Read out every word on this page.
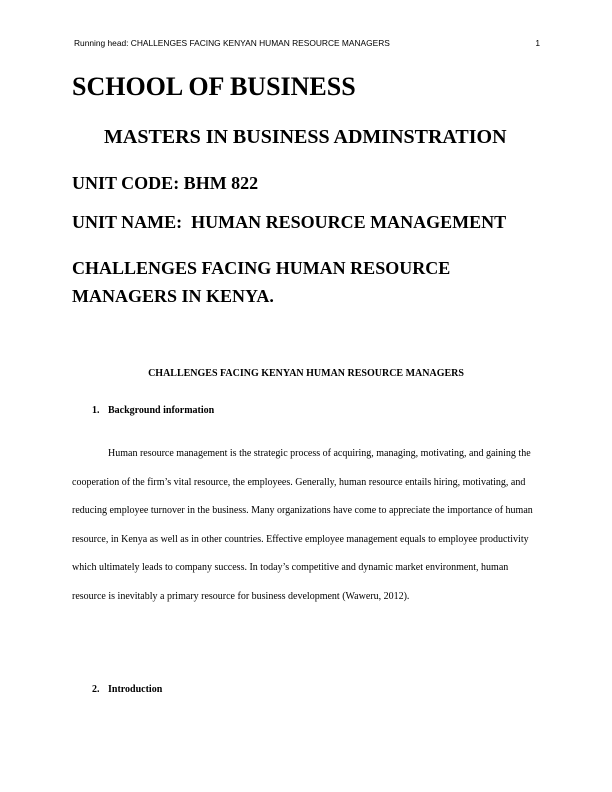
Running head: CHALLENGES FACING KENYAN HUMAN RESOURCE MANAGERS	1
SCHOOL OF BUSINESS
MASTERS IN BUSINESS ADMINSTRATION
UNIT CODE: BHM 822
UNIT NAME:  HUMAN RESOURCE MANAGEMENT
CHALLENGES FACING HUMAN RESOURCE MANAGERS IN KENYA.
CHALLENGES FACING KENYAN HUMAN RESOURCE MANAGERS
1. Background information

Human resource management is the strategic process of acquiring, managing, motivating, and gaining the cooperation of the firm’s vital resource, the employees. Generally, human resource entails hiring, motivating, and reducing employee turnover in the business. Many organizations have come to appreciate the importance of human resource, in Kenya as well as in other countries. Effective employee management equals to employee productivity which ultimately leads to company success. In today’s competitive and dynamic market environment, human resource is inevitably a primary resource for business development (Waweru, 2012).

2. Introduction
